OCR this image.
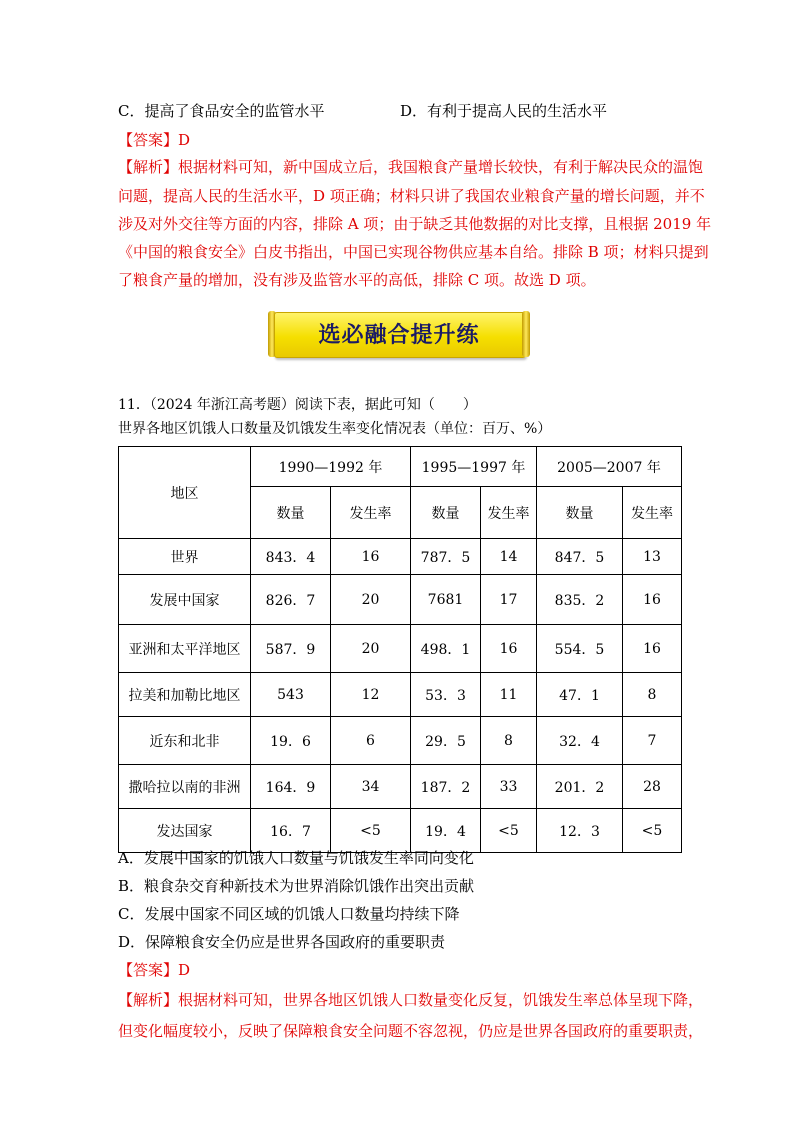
C．提高了食品安全的监管水平	D．有利于提高人民的生活水平
【答案】D
【解析】根据材料可知，新中国成立后，我国粮食产量增长较快，有利于解决民众的温饱
问题，提高人民的生活水平，D 项正确；材料只讲了我国农业粮食产量的增长问题，并不
涉及对外交往等方面的内容，排除 A 项；由于缺乏其他数据的对比支撑，且根据 2019 年
《中国的粮食安全》白皮书指出，中国已实现谷物供应基本自给。排除 B 项；材料只提到
了粮食产量的增加，没有涉及监管水平的高低，排除 C 项。故选 D 项。
选必融合提升练
11．（2024 年浙江高考题）阅读下表，据此可知（　　）
世界各地区饥饿人口数量及饥饿发生率变化情况表（单位：百万、%）
地区	1990—1992 年		1995—1997 年		2005—2007 年	
	数量	发生率	数量	发生率	数量	发生率
世界	843．4	16	787．5	14	847．5	13
发展中国家	826．7	20	7681	17	835．2	16
亚洲和太平洋地区	587．9	20	498．1	16	554．5	16
拉美和加勒比地区	543	12	53．3	11	47．1	8
近东和北非	19．6	6	29．5	8	32．4	7
撒哈拉以南的非洲	164．9	34	187．2	33	201．2	28
发达国家	16．7	<5	19．4	<5	12．3	<5
A．发展中国家的饥饿人口数量与饥饿发生率同向变化
B．粮食杂交育种新技术为世界消除饥饿作出突出贡献
C．发展中国家不同区域的饥饿人口数量均持续下降
D．保障粮食安全仍应是世界各国政府的重要职责
【答案】D
【解析】根据材料可知，世界各地区饥饿人口数量变化反复，饥饿发生率总体呈现下降，
但变化幅度较小，反映了保障粮食安全问题不容忽视，仍应是世界各国政府的重要职责，
